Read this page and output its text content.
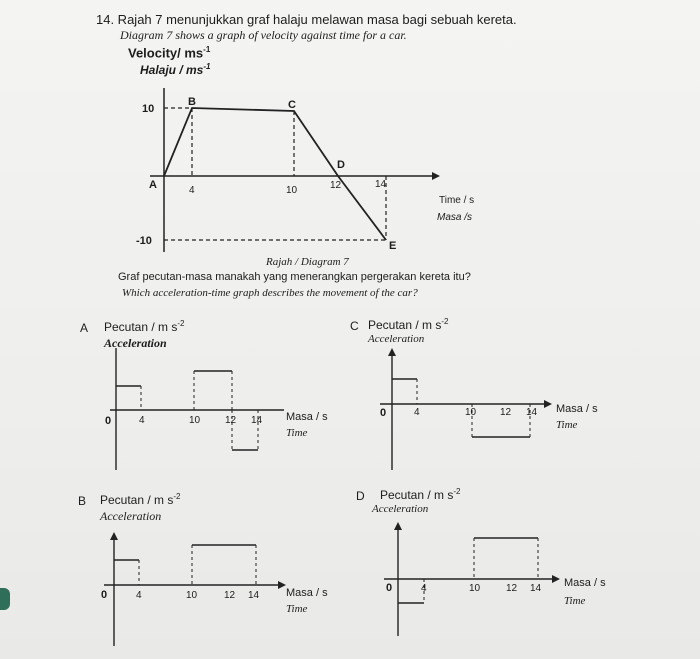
14. Rajah 7 menunjukkan graf halaju melawan masa bagi sebuah kereta.
Diagram 7 shows a graph of velocity against time for a car.
Velocity/ $ms^{-1}$
Halaju / $ms^{-1}$
10
-10
4	10	12	14
A
B	C
D
E
Time / s
Masa /s
0	4	10 12 14
0	4	10 12 14
0	4	10	12 14
0	4	10	12 14
Rajah / Diagram 7
Graf pecutan-masa manakah yang menerangkan pergerakan kereta itu?
Which acceleration-time graph describes the movement of the car?
A Pecutan / m $s^{-2}$
Acceleration
Masa / s
Time
C Pecutan / m $s^{-2}$
Acceleration
Masa / s
Time
B Pecutan / m $s^{-2}$
Acceleration
Masa / s
Time
D Pecutan / m $s^{-2}$
Acceleration
Masa / s
Time
